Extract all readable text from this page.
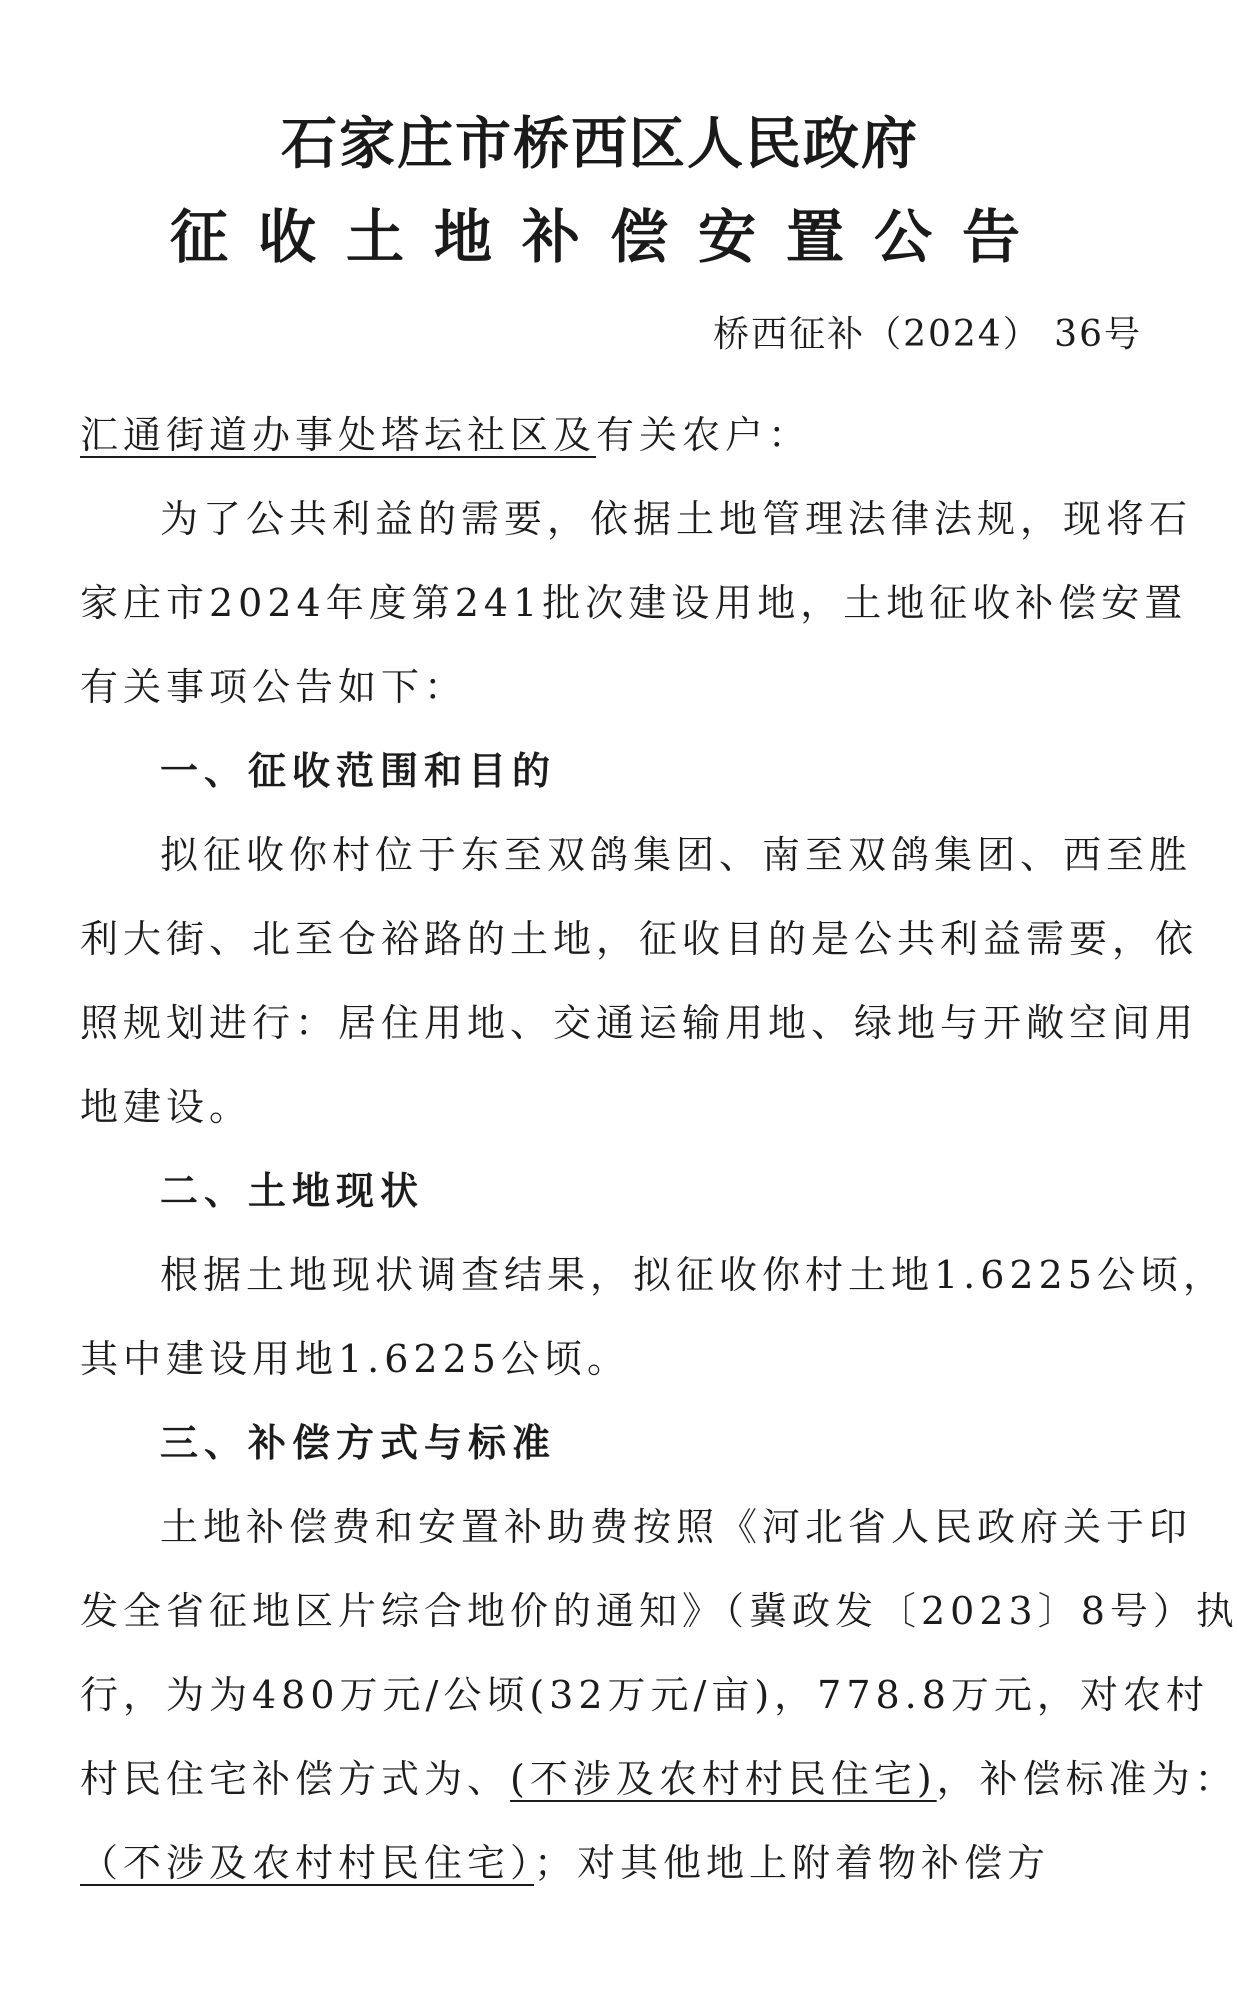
石家庄市桥西区人民政府
征收土地补偿安置公告
桥西征补（2024） 36号
汇通街道办事处塔坛社区及有关农户：
为了公共利益的需要，依据土地管理法律法规，现将石
家庄市2024年度第241批次建设用地，土地征收补偿安置
有关事项公告如下：
一、征收范围和目的
拟征收你村位于东至双鸽集团、南至双鸽集团、西至胜
利大街、北至仓裕路的土地，征收目的是公共利益需要，依
照规划进行：居住用地、交通运输用地、绿地与开敞空间用
地建设。
二、土地现状
根据土地现状调查结果，拟征收你村土地1.6225公顷，
其中建设用地1.6225公顷。
三、补偿方式与标准
土地补偿费和安置补助费按照《河北省人民政府关于印
发全省征地区片综合地价的通知》（冀政发〔2023〕8号）执
行，为为480万元/公顷(32万元/亩)，778.8万元，对农村
村民住宅补偿方式为、(不涉及农村村民住宅)，补偿标准为：
（不涉及农村村民住宅）；对其他地上附着物补偿方
